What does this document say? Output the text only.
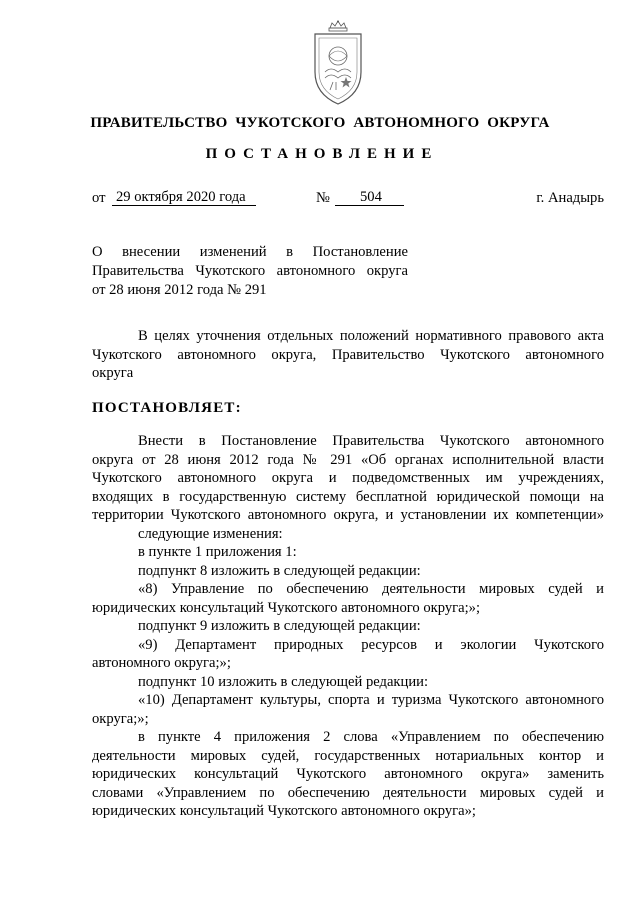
ПРАВИТЕЛЬСТВО ЧУКОТСКОГО АВТОНОМНОГО ОКРУГА
ПОСТАНОВЛЕНИЕ
от 29 октября 2020 года	№	504	г. Анадырь
О внесении изменений в Постановление
Правительства Чукотского автономного округа
от 28 июня 2012 года № 291
В целях уточнения отдельных положений нормативного правового акта
Чукотского автономного округа, Правительство Чукотского автономного
округа
ПОСТАНОВЛЯЕТ:
Внести в Постановление Правительства Чукотского автономного
округа от 28 июня 2012 года № 291 «Об органах исполнительной власти
Чукотского автономного округа и подведомственных им учреждениях,
входящих в государственную систему бесплатной юридической помощи на
территории Чукотского автономного округа, и установлении их компетенции»
следующие изменения:
в пункте 1 приложения 1:
подпункт 8 изложить в следующей редакции:
«8) Управление по обеспечению деятельности мировых судей и
юридических консультаций Чукотского автономного округа;»;
подпункт 9 изложить в следующей редакции:
«9) Департамент природных ресурсов и экологии Чукотского
автономного округа;»;
подпункт 10 изложить в следующей редакции:
«10) Департамент культуры, спорта и туризма Чукотского автономного
округа;»;
в пункте 4 приложения 2 слова «Управлением по обеспечению
деятельности мировых судей, государственных нотариальных контор и
юридических консультаций Чукотского автономного округа» заменить
словами «Управлением по обеспечению деятельности мировых судей и
юридических консультаций Чукотского автономного округа»;
